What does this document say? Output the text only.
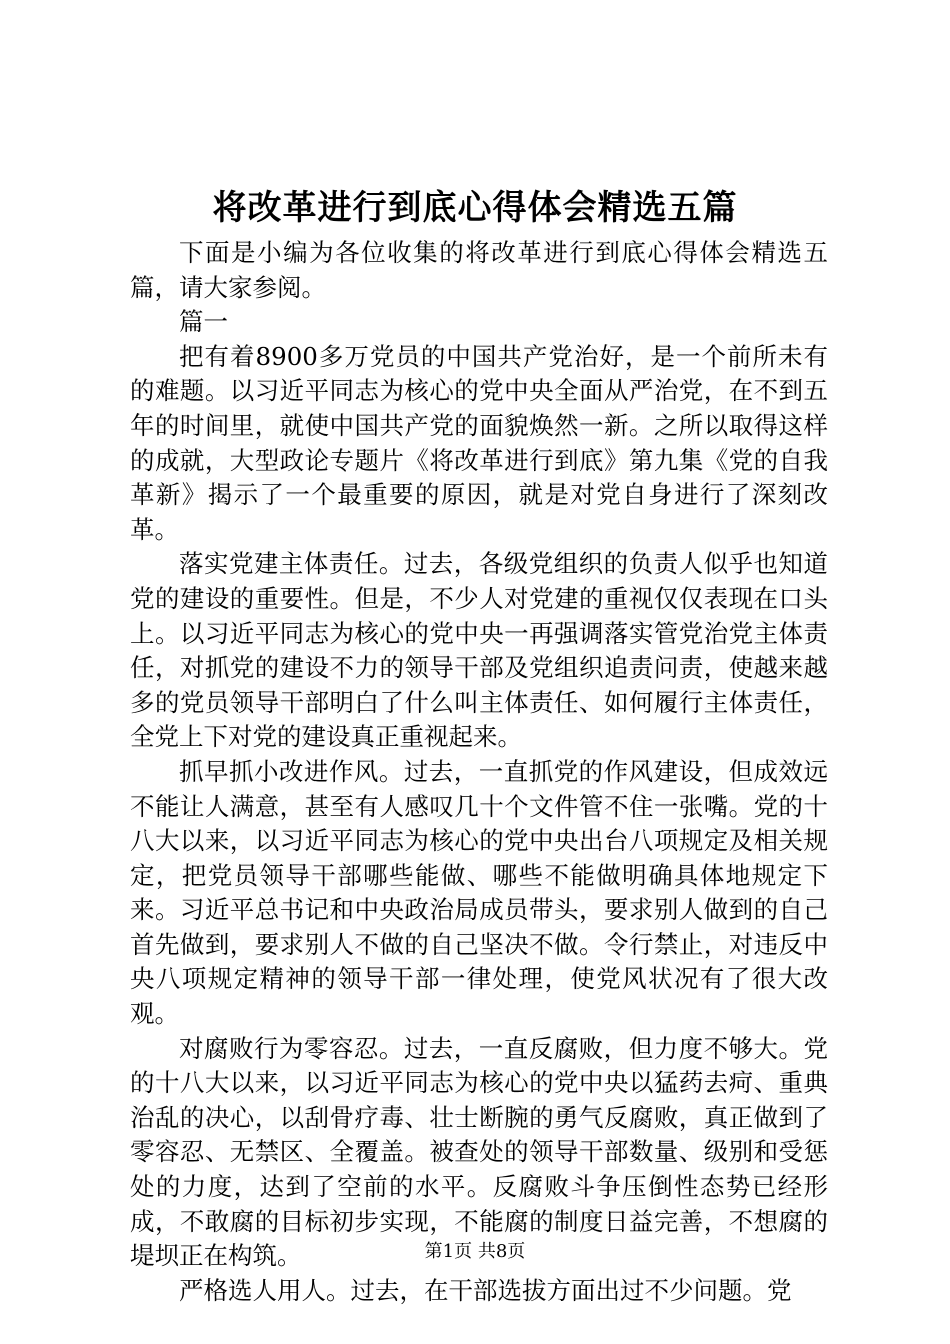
将改革进行到底心得体会精选五篇

下面是小编为各位收集的将改革进行到底心得体会精选五篇，请大家参阅。

篇一

把有着8900多万党员的中国共产党治好，是一个前所未有的难题。以习近平同志为核心的党中央全面从严治党，在不到五年的时间里，就使中国共产党的面貌焕然一新。之所以取得这样的成就，大型政论专题片《将改革进行到底》第九集《党的自我革新》揭示了一个最重要的原因，就是对党自身进行了深刻改革。

落实党建主体责任。过去，各级党组织的负责人似乎也知道党的建设的重要性。但是，不少人对党建的重视仅仅表现在口头上。以习近平同志为核心的党中央一再强调落实管党治党主体责任，对抓党的建设不力的领导干部及党组织追责问责，使越来越多的党员领导干部明白了什么叫主体责任、如何履行主体责任，全党上下对党的建设真正重视起来。

抓早抓小改进作风。过去，一直抓党的作风建设，但成效远不能让人满意，甚至有人感叹几十个文件管不住一张嘴。党的十八大以来，以习近平同志为核心的党中央出台八项规定及相关规定，把党员领导干部哪些能做、哪些不能做明确具体地规定下来。习近平总书记和中央政治局成员带头，要求别人做到的自己首先做到，要求别人不做的自己坚决不做。令行禁止，对违反中央八项规定精神的领导干部一律处理，使党风状况有了很大改观。

对腐败行为零容忍。过去，一直反腐败，但力度不够大。党的十八大以来，以习近平同志为核心的党中央以猛药去疴、重典治乱的决心，以刮骨疗毒、壮士断腕的勇气反腐败，真正做到了零容忍、无禁区、全覆盖。被查处的领导干部数量、级别和受惩处的力度，达到了空前的水平。反腐败斗争压倒性态势已经形成，不敢腐的目标初步实现，不能腐的制度日益完善，不想腐的堤坝正在构筑。

严格选人用人。过去，在干部选拔方面出过不少问题。党

第1页 共8页
